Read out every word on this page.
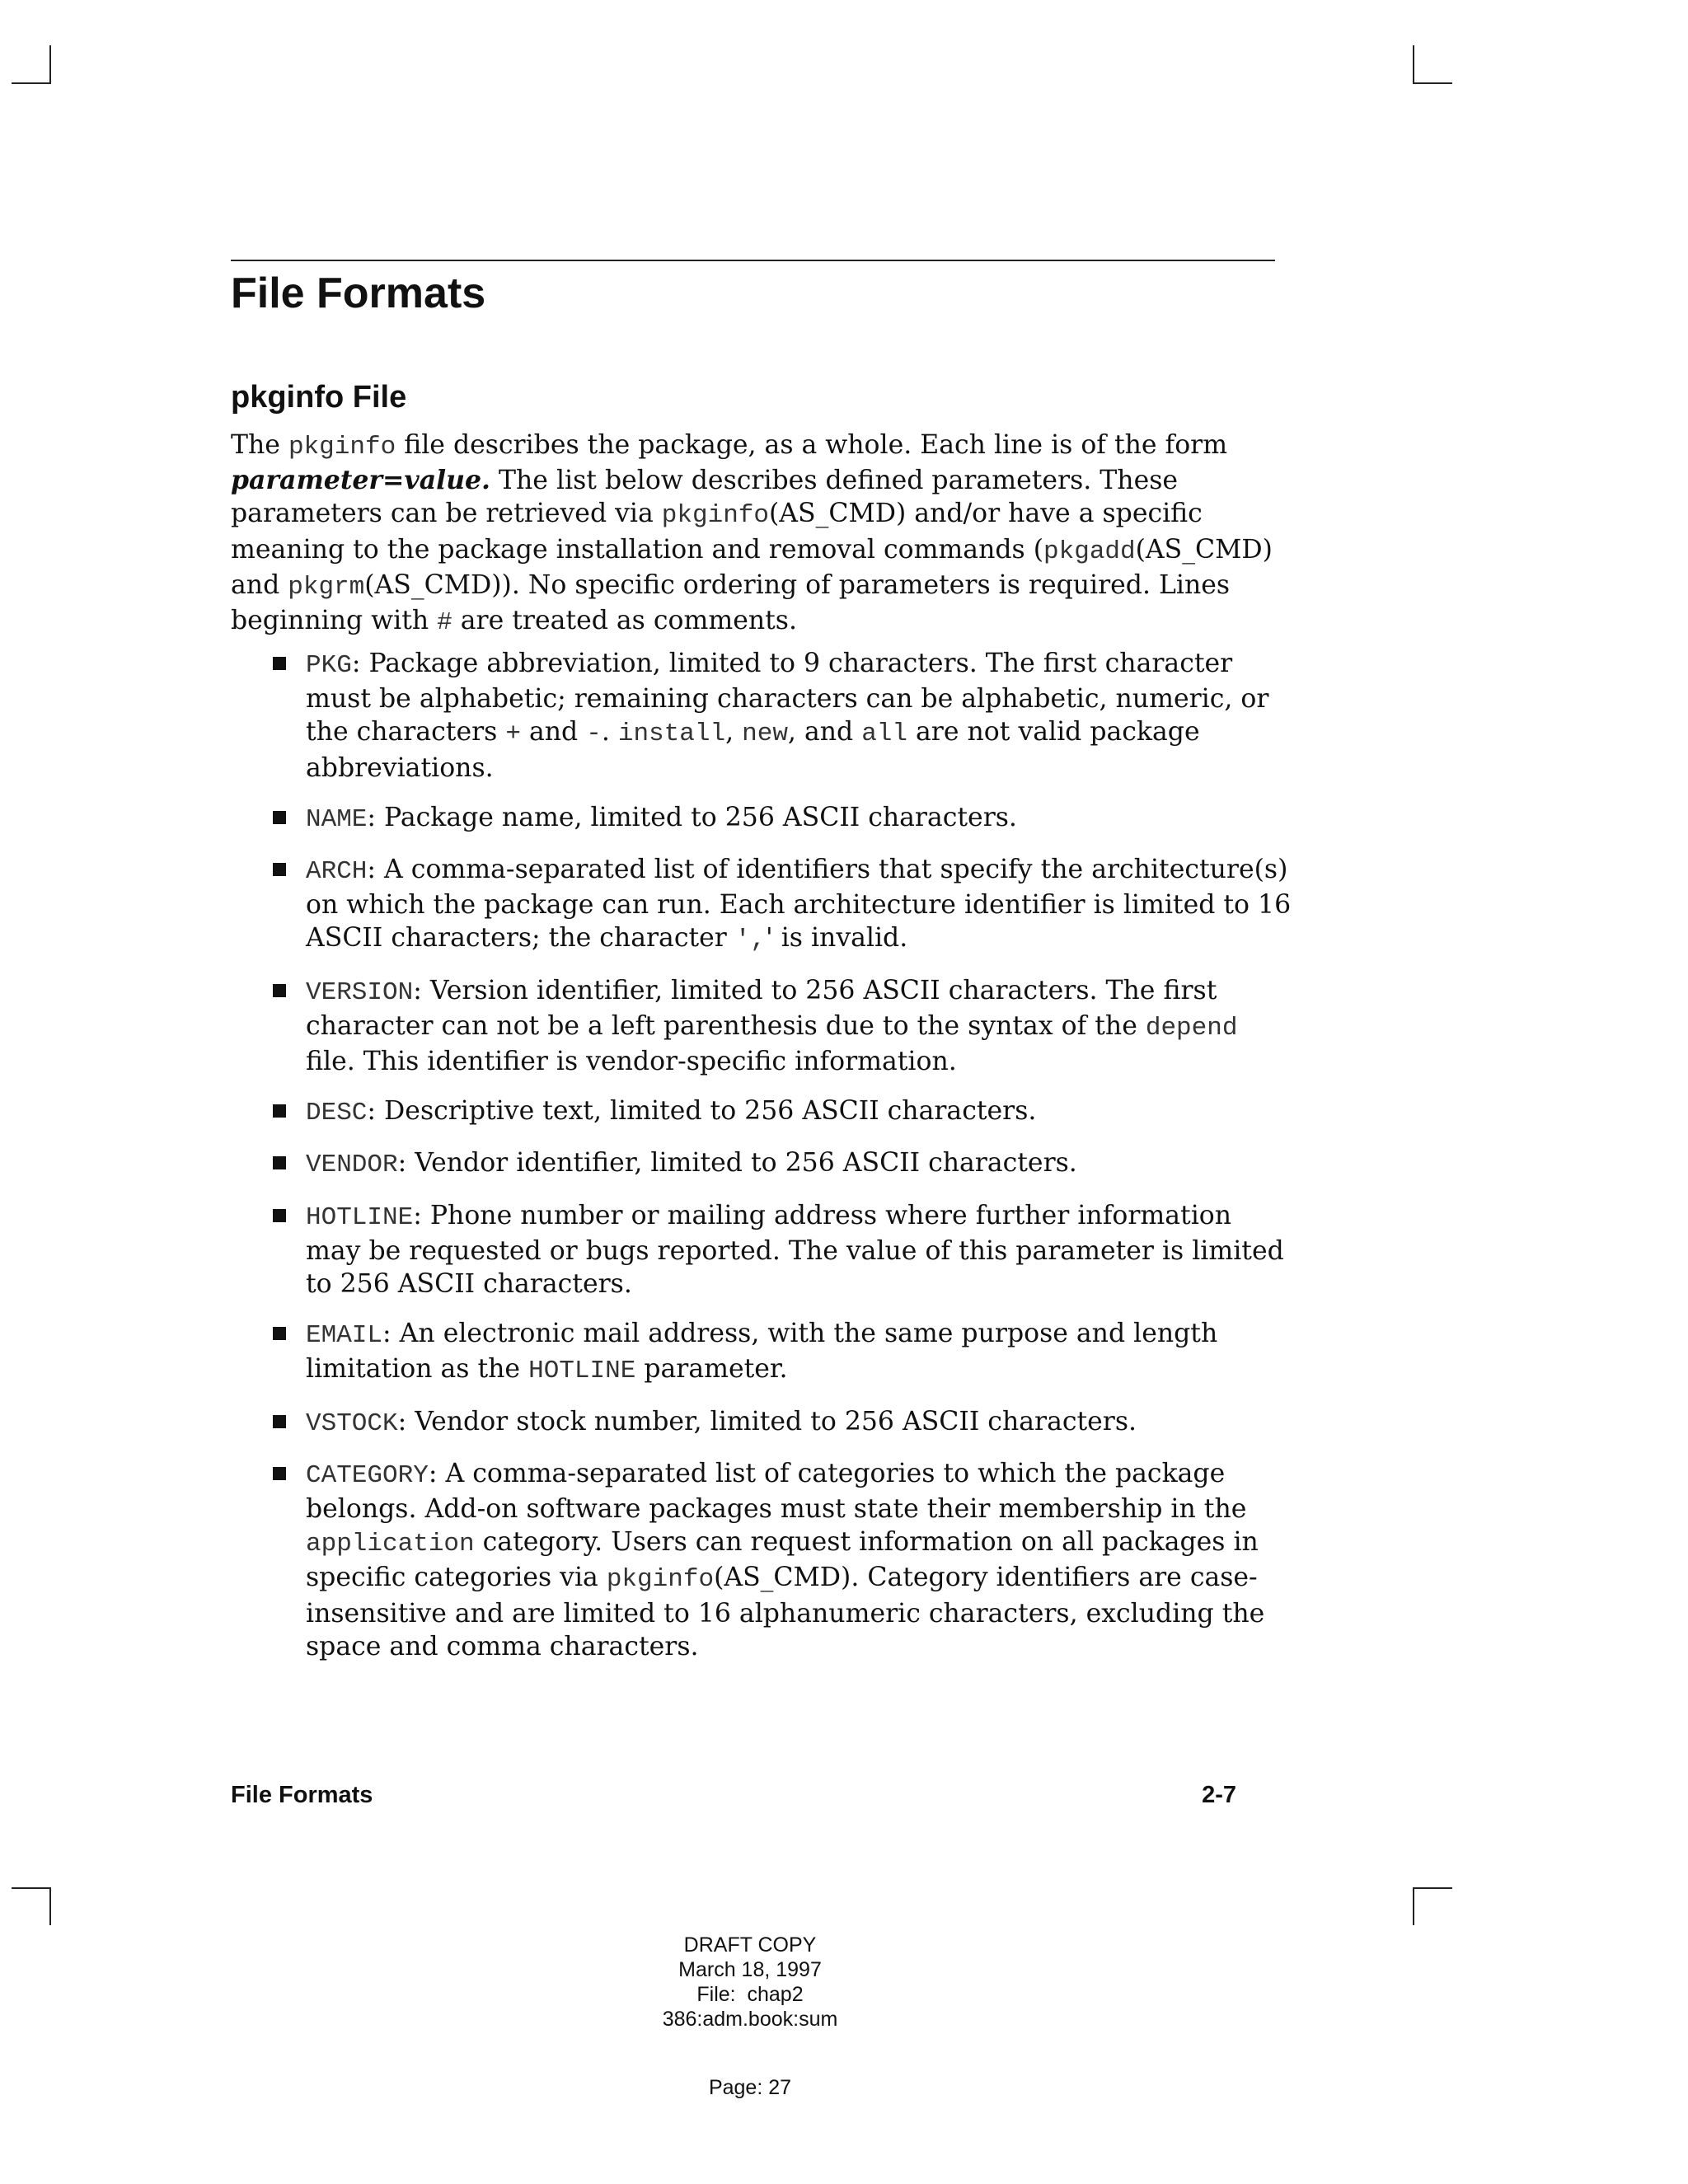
File Formats
pkginfo File

The pkginfo file describes the package, as a whole. Each line is of the form parameter=value. The list below describes defined parameters. These parameters can be retrieved via pkginfo(AS_CMD) and/or have a specific meaning to the package installation and removal commands (pkgadd(AS_CMD) and pkgrm(AS_CMD)). No specific ordering of parameters is required. Lines beginning with # are treated as comments.

PKG: Package abbreviation, limited to 9 characters. The first character must be alphabetic; remaining characters can be alphabetic, numeric, or the characters + and -. install, new, and all are not valid package abbreviations.
NAME: Package name, limited to 256 ASCII characters.
ARCH: A comma-separated list of identifiers that specify the architecture(s) on which the package can run. Each architecture identifier is limited to 16 ASCII characters; the character ',' is invalid.
VERSION: Version identifier, limited to 256 ASCII characters. The first character can not be a left parenthesis due to the syntax of the depend file. This identifier is vendor-specific information.
DESC: Descriptive text, limited to 256 ASCII characters.
VENDOR: Vendor identifier, limited to 256 ASCII characters.
HOTLINE: Phone number or mailing address where further information may be requested or bugs reported. The value of this parameter is limited to 256 ASCII characters.
EMAIL: An electronic mail address, with the same purpose and length limitation as the HOTLINE parameter.
VSTOCK: Vendor stock number, limited to 256 ASCII characters.
CATEGORY: A comma-separated list of categories to which the package belongs. Add-on software packages must state their membership in the application category. Users can request information on all packages in specific categories via pkginfo(AS_CMD). Category identifiers are case-insensitive and are limited to 16 alphanumeric characters, excluding the space and comma characters.
File Formats	2-7
DRAFT COPY
March 18, 1997
File:  chap2
386:adm.book:sum
Page: 27
